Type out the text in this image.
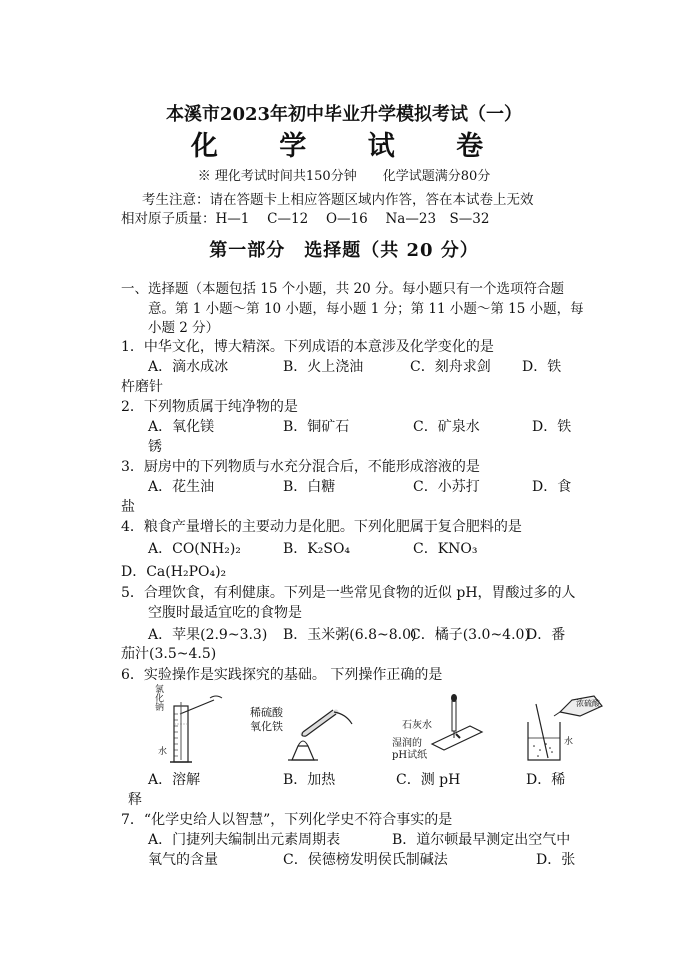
本溪市2023年初中毕业升学模拟考试（一）
化 学 试 卷
※ 理化考试时间共150分钟　　化学试题满分80分
考生注意：请在答题卡上相应答题区域内作答，答在本试卷上无效
相对原子质量：H—1　 C—12　 O—16　 Na—23　S—32
第一部分　选择题（共 20 分）
一、选择题（本题包括 15 个小题，共 20 分。每小题只有一个选项符合题
意。第 1 小题～第 10 小题，每小题 1 分；第 11 小题～第 15 小题，每
小题 2 分）
1．中华文化，博大精深。下列成语的本意涉及化学变化的是
A．滴水成冰	B．火上浇油	C．刻舟求剑 D．铁
杵磨针
2．下列物质属于纯净物的是
A．氧化镁	B．铜矿石	C．矿泉水	D．铁
锈
3．厨房中的下列物质与水充分混合后，不能形成溶液的是
A．花生油	B．白糖	C．小苏打	D．食
盐
4．粮食产量增长的主要动力是化肥。下列化肥属于复合肥料的是
A．CO(NH₂)₂	B．K₂SO₄	C．KNO₃
D．Ca(H₂PO₄)₂
5．合理饮食，有利健康。下列是一些常见食物的近似 pH，胃酸过多的人
空腹时最适宜吃的食物是
A．苹果(2.9~3.3) B．玉米粥(6.8~8.0)
C．橘子(3.0~4.0)
D．番
茄汁(3.5~4.5)
6．实验操作是实践探究的基础。 下列操作正确的是
氯化钠
水
稀硫酸
氧化铁	石灰水
湿润的
pH试纸
浓硫酸
水
A．溶解	B．加热	C．测 pH	D．稀
释
7．“化学史给人以智慧”，下列化学史不符合事实的是
A．门捷列夫编制出元素周期表	B．道尔顿最早测定出空气中
氧气的含量	C．侯德榜发明侯氏制碱法	D．张
